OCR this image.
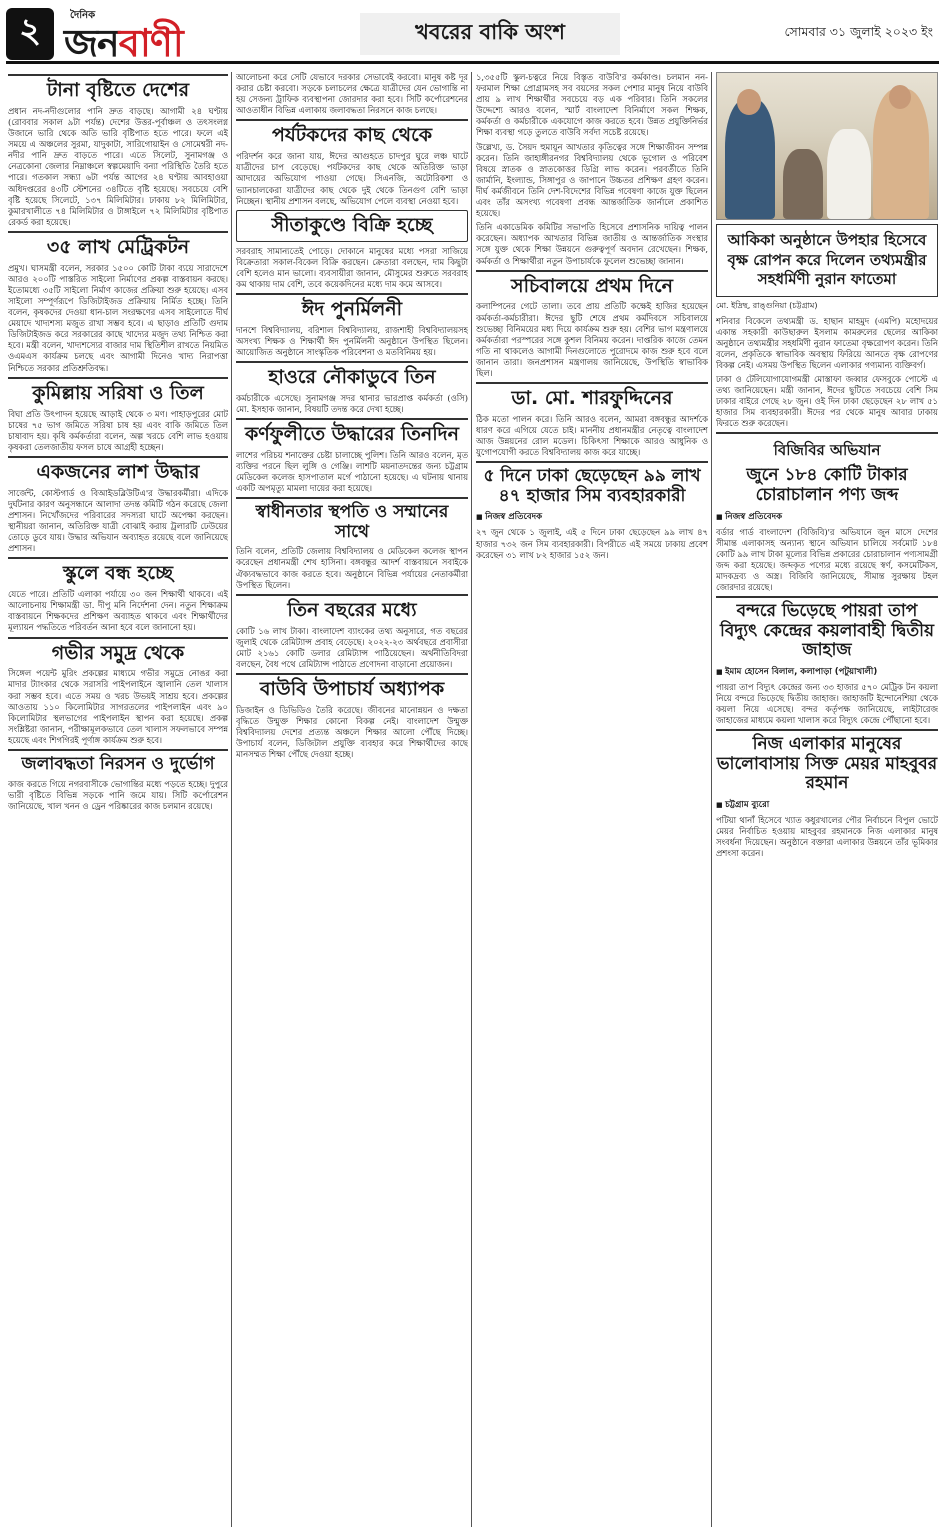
২	দৈনিক
জনবাণী	খবরের বাকি অংশ	সোমবার ৩১ জুলাই ২০২৩ ইং
টানা বৃষ্টিতে দেশের

প্রধান নদ-নদীগুলোর পানি দ্রুত বাড়ছে। আগামী ২৪ ঘণ্টায় (রোববার সকাল ৯টা পর্যন্ত) দেশের উত্তর-পূর্বাঞ্চল ও তৎসংলগ্ন উজানে ভারি থেকে অতি ভারি বৃষ্টিপাত হতে পারে। ফলে এই সময়ে এ অঞ্চলের সুরমা, যাদুকাটা, সারিগোয়াইন ও সোমেশ্বরী নদ-নদীর পানি দ্রুত বাড়তে পারে। এতে সিলেট, সুনামগঞ্জ ও নেত্রকোনা জেলার নিম্নাঞ্চলে স্বল্পমেয়াদি বন্যা পরিস্থিতি তৈরি হতে পারে। গতকাল সন্ধ্যা ৬টা পর্যন্ত আগের ২৪ ঘণ্টায় আবহাওয়া অধিদপ্তরের ৪৩টি স্টেশনের ৩৪টিতে বৃষ্টি হয়েছে। সবচেয়ে বেশি বৃষ্টি হয়েছে সিলেটে, ১৩৭ মিলিমিটার। ঢাকায় ৮২ মিলিমিটার, কুমারখালীতে ৭৪ মিলিমিটার ও টাঙ্গাইলে ৭২ মিলিমিটার বৃষ্টিপাত রেকর্ড করা হয়েছে।

৩৫ লাখ মেট্রিকটন

প্রমুখ। ঘাসমন্ত্রী বলেন, সরকার ১৫০০ কোটি টাকা ব্যয়ে সারাদেশে আরও ২০০টি পাস্তরিত সাইলো নির্মাণের প্রকল্প বাস্তবায়ন করছে। ইতোমধ্যে ৩৫টি সাইলো নির্মাণ কাজের প্রক্রিয়া শুরু হয়েছে। এসব সাইলো সম্পূর্ণরূপে ডিজিটাইজড প্রক্রিয়ায় নির্মিত হচ্ছে। তিনি বলেন, কৃষকদের দেওয়া ধান-চাল সংরক্ষণের এসব সাইলোতে দীর্ঘ মেয়াদে খাদ্যশস্য মজুত রাখা সম্ভব হবে। এ ছাড়াও প্রতিটি গুদাম ডিজিটাইজড করে সরকারের কাছে খাদ্যের মজুদ তথ্য নিশ্চিত করা হবে। মন্ত্রী বলেন, খাদ্যশস্যের বাজার দাম স্থিতিশীল রাখতে নিয়মিত ওএমএস কার্যক্রম চলছে এবং আগামী দিনেও খাদ্য নিরাপত্তা নিশ্চিতে সরকার প্রতিশ্রুতিবদ্ধ।

কুমিল্লায় সরিষা ও তিল

বিঘা প্রতি উৎপাদন হয়েছে আড়াই থেকে ৩ মণ। পাহাড়পুরের মোট চাষের ৭৫ ভাগ জমিতে সরিষা চাষ হয় এবং বাকি জমিতে তিল চাষাবাদ হয়। কৃষি কর্মকর্তারা বলেন, অল্প খরচে বেশি লাভ হওয়ায় কৃষকরা তেলজাতীয় ফসল চাষে আগ্রহী হচ্ছেন।

একজনের লাশ উদ্ধার

সার্জেন্ট, কোস্টগার্ড ও বিআইডব্লিউটিএ'র উদ্ধারকর্মীরা। এদিকে দুর্ঘটনার কারণ অনুসন্ধানে আলাদা তদন্ত কমিটি গঠন করেছে জেলা প্রশাসন। নিখোঁজদের পরিবারের সদস্যরা ঘাটে অপেক্ষা করছেন। স্থানীয়রা জানান, অতিরিক্ত যাত্রী বোঝাই করায় ট্রলারটি ঢেউয়ের তোড়ে ডুবে যায়। উদ্ধার অভিযান অব্যাহত রয়েছে বলে জানিয়েছে প্রশাসন।

স্কুলে বন্ধ হচ্ছে

যেতে পারে। প্রতিটি এলাকা পর্যায়ে ৩০ জন শিক্ষার্থী থাকবে। এই আলোচনায় শিক্ষামন্ত্রী ডা. দীপু মনি নির্দেশনা দেন। নতুন শিক্ষাক্রম বাস্তবায়নে শিক্ষকদের প্রশিক্ষণ অব্যাহত থাকবে এবং শিক্ষার্থীদের মূল্যায়ন পদ্ধতিতে পরিবর্তন আনা হবে বলে জানানো হয়।

গভীর সমুদ্র থেকে

সিঙ্গেল পয়েন্ট মুরিং প্রকল্পের মাধ্যমে গভীর সমুদ্রে নোঙর করা মাদার ট্যাংকার থেকে সরাসরি পাইপলাইনে জ্বালানি তেল খালাস করা সম্ভব হবে। এতে সময় ও খরচ উভয়ই সাশ্রয় হবে। প্রকল্পের আওতায় ১১০ কিলোমিটার সাগরতলের পাইপলাইন এবং ৯০ কিলোমিটার স্থলভাগের পাইপলাইন স্থাপন করা হয়েছে। প্রকল্প সংশ্লিষ্টরা জানান, পরীক্ষামূলকভাবে তেল খালাস সফলভাবে সম্পন্ন হয়েছে এবং শিগগিরই পূর্ণাঙ্গ কার্যক্রম শুরু হবে।

জলাবদ্ধতা নিরসন ও দুর্ভোগ

কাজ করতে গিয়ে নগরবাসীকে ভোগান্তির মধ্যে পড়তে হচ্ছে। দুপুরে ভারী বৃষ্টিতে বিভিন্ন সড়কে পানি জমে যায়। সিটি কর্পোরেশন জানিয়েছে, খাল খনন ও ড্রেন পরিষ্কারের কাজ চলমান রয়েছে।

আলোচনা করে সেটি যেভাবে দরকার সেভাবেই করবো। মানুষ কষ্ট দূর করার চেষ্টা করবো। সড়কে চলাচলের ক্ষেত্রে যাত্রীদের যেন ভোগান্তি না হয় সেজন্য ট্রাফিক ব্যবস্থাপনা জোরদার করা হবে। সিটি কর্পোরেশনের আওতাধীন বিভিন্ন এলাকায় জলাবদ্ধতা নিরসনে কাজ চলছে।

পর্যটকদের কাছ থেকে

পরিদর্শন করে জানা যায়, ঈদের আগুহতে চাদপুর ঘুরে লঞ্চ ঘাটে যাত্রীদের চাপ বেড়েছে। পর্যটকদের কাছ থেকে অতিরিক্ত ভাড়া আদায়ের অভিযোগ পাওয়া গেছে। সিএনজি, অটোরিকশা ও ভ্যানচালকেরা যাত্রীদের কাছ থেকে দুই থেকে তিনগুণ বেশি ভাড়া নিচ্ছেন। স্থানীয় প্রশাসন বলছে, অভিযোগ পেলে ব্যবস্থা নেওয়া হবে।

সীতাকুণ্ডে বিক্রি হচ্ছে

সরবরাহ সামান্যতেই পোড়ে। দোকানে মানুষের মধ্যে পসরা সাজিয়ে বিক্রেতারা সকাল-বিকেল বিক্রি করছেন। ক্রেতারা বলছেন, দাম কিছুটা বেশি হলেও মান ভালো। ব্যবসায়ীরা জানান, মৌসুমের শুরুতে সরবরাহ কম থাকায় দাম বেশি, তবে কয়েকদিনের মধ্যে দাম কমে আসবে।

ঈদ পুনর্মিলনী

দানশে বিশ্ববিদ্যালয়, বরিশাল বিশ্ববিদ্যালয়, রাজশাহী বিশ্ববিদ্যালয়সহ অসংখ্য শিক্ষক ও শিক্ষার্থী ঈদ পুনর্মিলনী অনুষ্ঠানে উপস্থিত ছিলেন। আয়োজিত অনুষ্ঠানে সাংস্কৃতিক পরিবেশনা ও মতবিনিময় হয়।

হাওরে নৌকাডুবে তিন

কর্মচারীকে এসেছে। সুনামগঞ্জ সদর থানার ভারপ্রাপ্ত কর্মকর্তা (ওসি) মো. ইসহাক জানান, বিষয়টি তদন্ত করে দেখা হচ্ছে।

কর্ণফুলীতে উদ্ধারের তিনদিন

লাশের পরিচয় শনাক্তের চেষ্টা চালাচ্ছে পুলিশ। তিনি আরও বলেন, মৃত ব্যক্তির পরনে ছিল লুঙ্গি ও গেঞ্জি। লাশটি ময়নাতদন্তের জন্য চট্টগ্রাম মেডিকেল কলেজ হাসপাতাল মর্গে পাঠানো হয়েছে। এ ঘটনায় থানায় একটি অপমৃত্যু মামলা দায়ের করা হয়েছে।

স্বাধীনতার স্থপতি ও সম্মানের সাথে

তিনি বলেন, প্রতিটি জেলায় বিশ্ববিদ্যালয় ও মেডিকেল কলেজ স্থাপন করেছেন প্রধানমন্ত্রী শেখ হাসিনা। বঙ্গবন্ধুর আদর্শ বাস্তবায়নে সবাইকে ঐক্যবদ্ধভাবে কাজ করতে হবে। অনুষ্ঠানে বিভিন্ন পর্যায়ের নেতাকর্মীরা উপস্থিত ছিলেন।

তিন বছরের মধ্যে

কোটি ১৬ লাখ টাকা। বাংলাদেশ ব্যাংকের তথ্য অনুসারে, গত বছরের জুলাই থেকে রেমিট্যান্স প্রবাহ বেড়েছে। ২০২২-২৩ অর্থবছরে প্রবাসীরা মোট ২১৬১ কোটি ডলার রেমিট্যান্স পাঠিয়েছেন। অর্থনীতিবিদরা বলছেন, বৈধ পথে রেমিট্যান্স পাঠাতে প্রণোদনা বাড়ানো প্রয়োজন।

বাউবি উপাচার্য অধ্যাপক

ডিজাইন ও ডিভিডিও তৈরি করেছে। জীবনের মানোন্নয়ন ও দক্ষতা বৃদ্ধিতে উন্মুক্ত শিক্ষার কোনো বিকল্প নেই। বাংলাদেশ উন্মুক্ত বিশ্ববিদ্যালয় দেশের প্রত্যন্ত অঞ্চলে শিক্ষার আলো পৌঁছে দিচ্ছে। উপাচার্য বলেন, ডিজিটাল প্রযুক্তি ব্যবহার করে শিক্ষার্থীদের কাছে মানসম্মত শিক্ষা পৌঁছে দেওয়া হচ্ছে।

১,৩৫৫টি স্কুল-চত্বরে নিয়ে বিস্তৃত বাউবি'র কর্মকাণ্ড। চলমান নন-ফরমাল শিক্ষা প্রোগ্রামসহ সব বয়সের সকল পেশার মানুষ নিয়ে বাউবি প্রায় ৯ লাখ শিক্ষার্থীর সবচেয়ে বড় এক পরিবার। তিনি সকলের উদ্দেশ্যে আরও বলেন, স্মার্ট বাংলাদেশ বিনির্মাণে সকল শিক্ষক, কর্মকর্তা ও কর্মচারীকে একযোগে কাজ করতে হবে। উন্নত প্রযুক্তিনির্ভর শিক্ষা ব্যবস্থা গড়ে তুলতে বাউবি সর্বদা সচেষ্ট রয়েছে।

উল্লেখ্য, ড. সৈয়দ হুমায়ূন আখতার কৃতিত্বের সঙ্গে শিক্ষাজীবন সম্পন্ন করেন। তিনি জাহাঙ্গীরনগর বিশ্ববিদ্যালয় থেকে ভূগোল ও পরিবেশ বিষয়ে স্নাতক ও স্নাতকোত্তর ডিগ্রি লাভ করেন। পরবর্তীতে তিনি জার্মানি, ইংল্যান্ড, সিঙ্গাপুর ও জাপানে উচ্চতর প্রশিক্ষণ গ্রহণ করেন। দীর্ঘ কর্মজীবনে তিনি দেশ-বিদেশের বিভিন্ন গবেষণা কাজে যুক্ত ছিলেন এবং তাঁর অসংখ্য গবেষণা প্রবন্ধ আন্তর্জাতিক জার্নালে প্রকাশিত হয়েছে।

তিনি একাডেমিক কমিটির সভাপতি হিসেবে প্রশাসনিক দায়িত্ব পালন করেছেন। অধ্যাপক আখতার বিভিন্ন জাতীয় ও আন্তর্জাতিক সংস্থার সঙ্গে যুক্ত থেকে শিক্ষা উন্নয়নে গুরুত্বপূর্ণ অবদান রেখেছেন। শিক্ষক, কর্মকর্তা ও শিক্ষার্থীরা নতুন উপাচার্যকে ফুলেল শুভেচ্ছা জানান।

সচিবালয়ে প্রথম দিনে

কলাম্পিনের গেটে তালা। তবে প্রায় প্রতিটি কক্ষেই হাজির হয়েছেন কর্মকর্তা-কর্মচারীরা। ঈদের ছুটি শেষে প্রথম কর্মদিবসে সচিবালয়ে শুভেচ্ছা বিনিময়ের মধ্য দিয়ে কার্যক্রম শুরু হয়। বেশির ভাগ মন্ত্রণালয়ে কর্মকর্তারা পরস্পরের সঙ্গে কুশল বিনিময় করেন। দাপ্তরিক কাজে তেমন গতি না থাকলেও আগামী দিনগুলোতে পুরোদমে কাজ শুরু হবে বলে জানান তারা। জনপ্রশাসন মন্ত্রণালয় জানিয়েছে, উপস্থিতি স্বাভাবিক ছিল।

ডা. মো. শারফুদ্দিনের

ঠিক মতো পালন করে। তিনি আরও বলেন, আমরা বঙ্গবন্ধুর আদর্শকে ধারণ করে এগিয়ে যেতে চাই। মাননীয় প্রধানমন্ত্রীর নেতৃত্বে বাংলাদেশ আজ উন্নয়নের রোল মডেল। চিকিৎসা শিক্ষাকে আরও আধুনিক ও যুগোপযোগী করতে বিশ্ববিদ্যালয় কাজ করে যাচ্ছে।

৫ দিনে ঢাকা ছেড়েছেন ৯৯ লাখ ৪৭ হাজার সিম ব্যবহারকারী
■ নিজস্ব প্রতিবেদক

২৭ জুন থেকে ১ জুলাই, এই ৫ দিনে ঢাকা ছেড়েছেন ৯৯ লাখ ৪৭ হাজার ৭৩২ জন সিম ব্যবহারকারী। বিপরীতে এই সময়ে ঢাকায় প্রবেশ করেছেন ৩১ লাখ ৮২ হাজার ১৫২ জন।

আকিকা অনুষ্ঠানে উপহার হিসেবে বৃক্ষ রোপন করে দিলেন তথ্যমন্ত্রীর সহধর্মিণী নুরান ফাতেমা
মো. ইদ্রিছ, রাঙ্গুনিয়া (চট্টগ্রাম)

শনিবার বিকেলে তথ্যমন্ত্রী ড. হাছান মাহমুদ (এমপি) মহোদয়ের একান্ত সহকারী কাউছারুল ইসলাম কামরুলের ছেলের আকিকা অনুষ্ঠানে তথ্যমন্ত্রীর সহধর্মিণী নুরান ফাতেমা বৃক্ষরোপণ করেন। তিনি বলেন, প্রকৃতিকে স্বাভাবিক অবস্থায় ফিরিয়ে আনতে বৃক্ষ রোপণের বিকল্প নেই। এসময় উপস্থিত ছিলেন এলাকার গণ্যমান্য ব্যক্তিবর্গ।

ঢাকা ও টেলিযোগাযোগমন্ত্রী মোস্তাফা জব্বার ফেসবুকে পোস্টে এ তথ্য জানিয়েছেন। মন্ত্রী জানান, ঈদের ছুটিতে সবচেয়ে বেশি সিম ঢাকার বাইরে গেছে ২৮ জুন। ওই দিন ঢাকা ছেড়েছেন ২৮ লাখ ৫১ হাজার সিম ব্যবহারকারী। ঈদের পর থেকে মানুষ আবার ঢাকায় ফিরতে শুরু করেছেন।

বিজিবির অভিযান
জুনে ১৮৪ কোটি টাকার চোরাচালান পণ্য জব্দ
■ নিজস্ব প্রতিবেদক

বর্ডার গার্ড বাংলাদেশ (বিজিবি)'র অভিযানে জুন মাসে দেশের সীমান্ত এলাকাসহ অন্যান্য স্থানে অভিযান চালিয়ে সর্বমোট ১৮৪ কোটি ৯৯ লাখ টাকা মূল্যের বিভিন্ন প্রকারের চোরাচালান পণ্যসামগ্রী জব্দ করা হয়েছে। জব্দকৃত পণ্যের মধ্যে রয়েছে স্বর্ণ, কসমেটিকস, মাদকদ্রব্য ও অস্ত্র। বিজিবি জানিয়েছে, সীমান্ত সুরক্ষায় টহল জোরদার রয়েছে।

বন্দরে ভিড়েছে পায়রা তাপ বিদ্যুৎ কেন্দ্রের কয়লাবাহী দ্বিতীয় জাহাজ
■ ইমাম হোসেন বিলাল, কলাপাড়া (পটুয়াখালী)

পায়রা তাপ বিদ্যুৎ কেন্দ্রের জন্য ৩৩ হাজার ৫৭০ মেট্রিক টন কয়লা নিয়ে বন্দরে ভিড়েছে দ্বিতীয় জাহাজ। জাহাজটি ইন্দোনেশিয়া থেকে কয়লা নিয়ে এসেছে। বন্দর কর্তৃপক্ষ জানিয়েছে, লাইটারেজ জাহাজের মাধ্যমে কয়লা খালাস করে বিদ্যুৎ কেন্দ্রে পৌঁছানো হবে।

নিজ এলাকার মানুষের ভালোবাসায় সিক্ত মেয়র মাহবুবর রহমান
■ চট্টগ্রাম ব্যুরো

পটিয়া থানাঁ হিসেবে খ্যাত কধুরখালের পৌর নির্বাচনে বিপুল ভোটে মেয়র নির্বাচিত হওয়ায় মাহবুবর রহমানকে নিজ এলাকার মানুষ সংবর্ধনা দিয়েছেন। অনুষ্ঠানে বক্তারা এলাকার উন্নয়নে তাঁর ভূমিকার প্রশংসা করেন।
